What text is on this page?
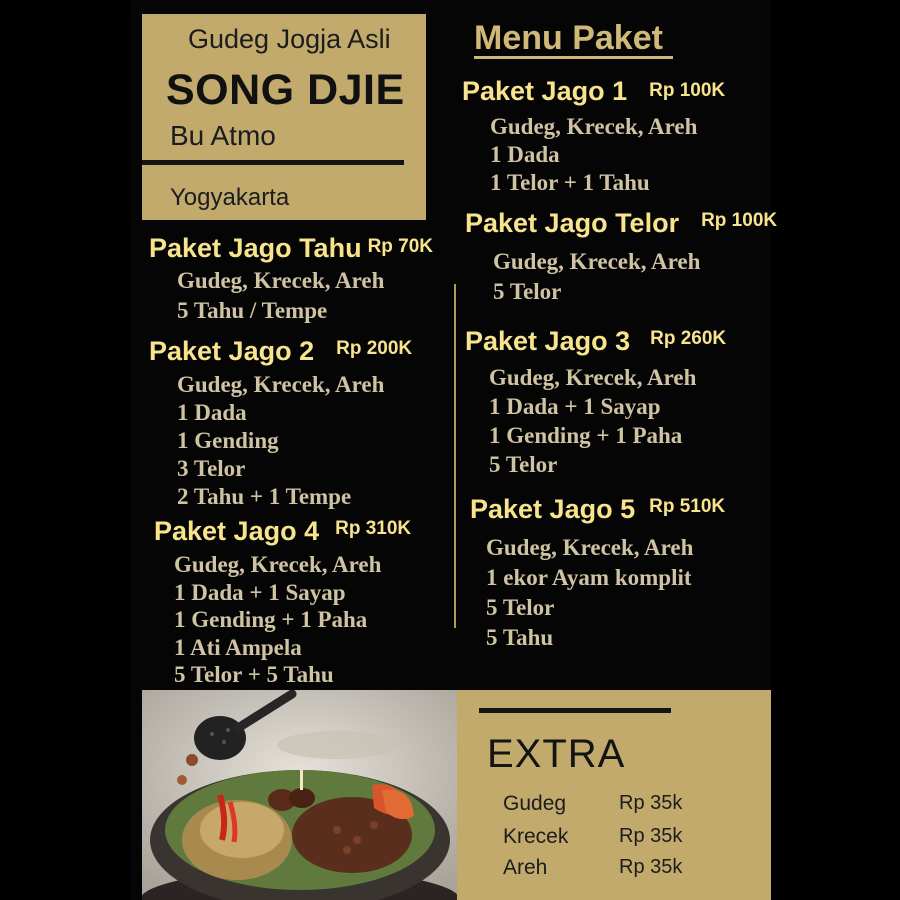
Gudeg Jogja Asli
SONG DJIE
Bu Atmo
Yogyakarta
Menu Paket
Paket Jago 1 Rp 100K
Gudeg, Krecek, Areh
1 Dada
1 Telor + 1 Tahu
Paket Jago Telor Rp 100K
Gudeg, Krecek, Areh
5 Telor
Paket Jago 3 Rp 260K
Gudeg, Krecek, Areh
1 Dada + 1 Sayap
1 Gending + 1 Paha
5 Telor
Paket Jago 5 Rp 510K
Gudeg, Krecek, Areh
1 ekor Ayam komplit
5 Telor
5 Tahu
Paket Jago Tahu Rp 70K
Gudeg, Krecek, Areh
5 Tahu / Tempe
Paket Jago 2 Rp 200K
Gudeg, Krecek, Areh
1 Dada
1 Gending
3 Telor
2 Tahu + 1 Tempe
Paket Jago 4 Rp 310K
Gudeg, Krecek, Areh
1 Dada + 1 Sayap
1 Gending + 1 Paha
1 Ati Ampela
5 Telor + 5 Tahu
EXTRA
Gudeg	Rp 35k
Krecek	Rp 35k
Areh	Rp 35k
